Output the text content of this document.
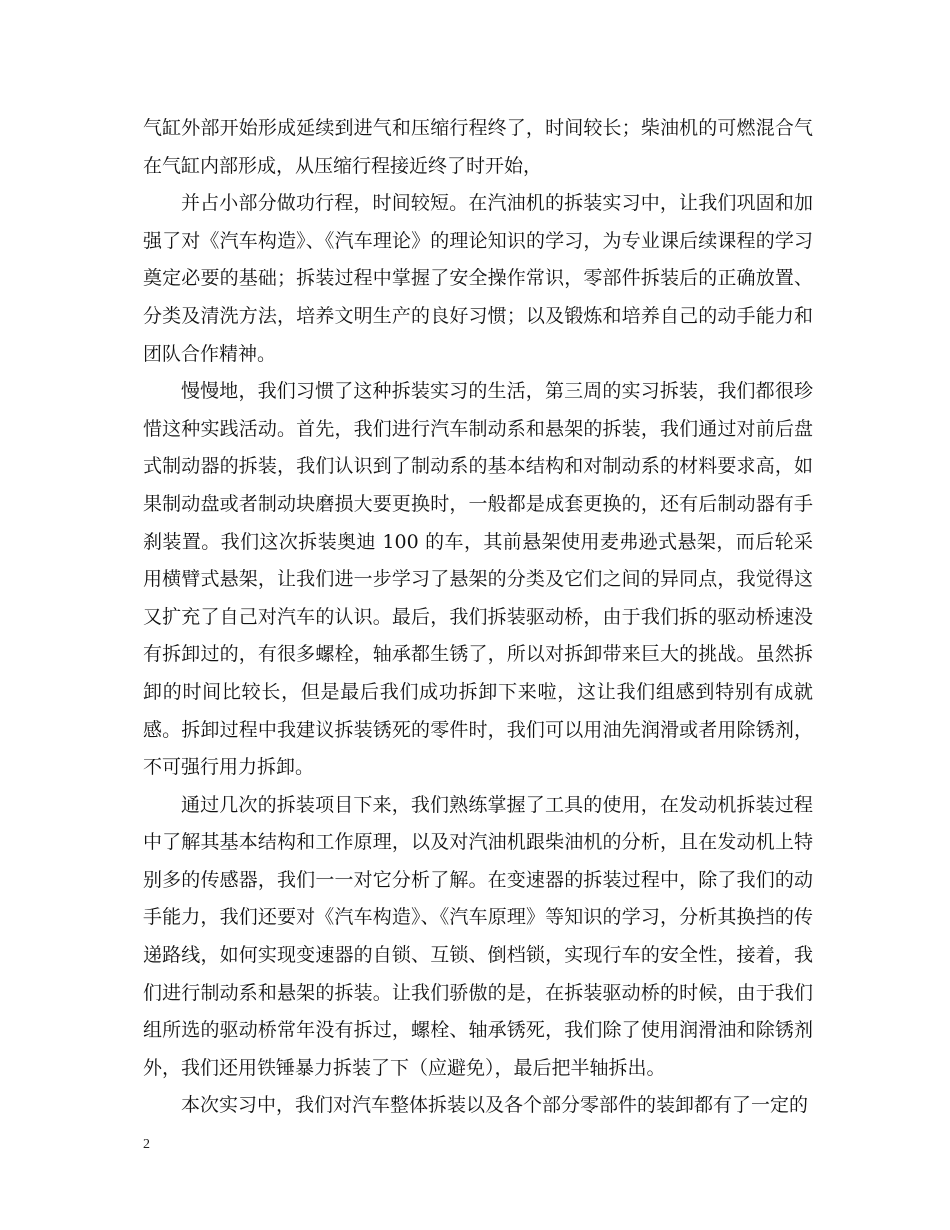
气缸外部开始形成延续到进气和压缩行程终了，时间较长；柴油机的可燃混合气在气缸内部形成，从压缩行程接近终了时开始，

并占小部分做功行程，时间较短。在汽油机的拆装实习中，让我们巩固和加强了对《汽车构造》、《汽车理论》的理论知识的学习，为专业课后续课程的学习奠定必要的基础；拆装过程中掌握了安全操作常识，零部件拆装后的正确放置、分类及清洗方法，培养文明生产的良好习惯；以及锻炼和培养自己的动手能力和团队合作精神。

慢慢地，我们习惯了这种拆装实习的生活，第三周的实习拆装，我们都很珍惜这种实践活动。首先，我们进行汽车制动系和悬架的拆装，我们通过对前后盘式制动器的拆装，我们认识到了制动系的基本结构和对制动系的材料要求高，如果制动盘或者制动块磨损大要更换时，一般都是成套更换的，还有后制动器有手刹装置。我们这次拆装奥迪 100 的车，其前悬架使用麦弗逊式悬架，而后轮采用横臂式悬架，让我们进一步学习了悬架的分类及它们之间的异同点，我觉得这又扩充了自己对汽车的认识。最后，我们拆装驱动桥，由于我们拆的驱动桥速没有拆卸过的，有很多螺栓，轴承都生锈了，所以对拆卸带来巨大的挑战。虽然拆卸的时间比较长，但是最后我们成功拆卸下来啦，这让我们组感到特别有成就感。拆卸过程中我建议拆装锈死的零件时，我们可以用油先润滑或者用除锈剂，不可强行用力拆卸。

通过几次的拆装项目下来，我们熟练掌握了工具的使用，在发动机拆装过程中了解其基本结构和工作原理，以及对汽油机跟柴油机的分析，且在发动机上特别多的传感器，我们一一对它分析了解。在变速器的拆装过程中，除了我们的动手能力，我们还要对《汽车构造》、《汽车原理》等知识的学习，分析其换挡的传递路线，如何实现变速器的自锁、互锁、倒档锁，实现行车的安全性，接着，我们进行制动系和悬架的拆装。让我们骄傲的是，在拆装驱动桥的时候，由于我们组所选的驱动桥常年没有拆过，螺栓、轴承锈死，我们除了使用润滑油和除锈剂外，我们还用铁锤暴力拆装了下（应避免），最后把半轴拆出。

本次实习中，我们对汽车整体拆装以及各个部分零部件的装卸都有了一定的

2
